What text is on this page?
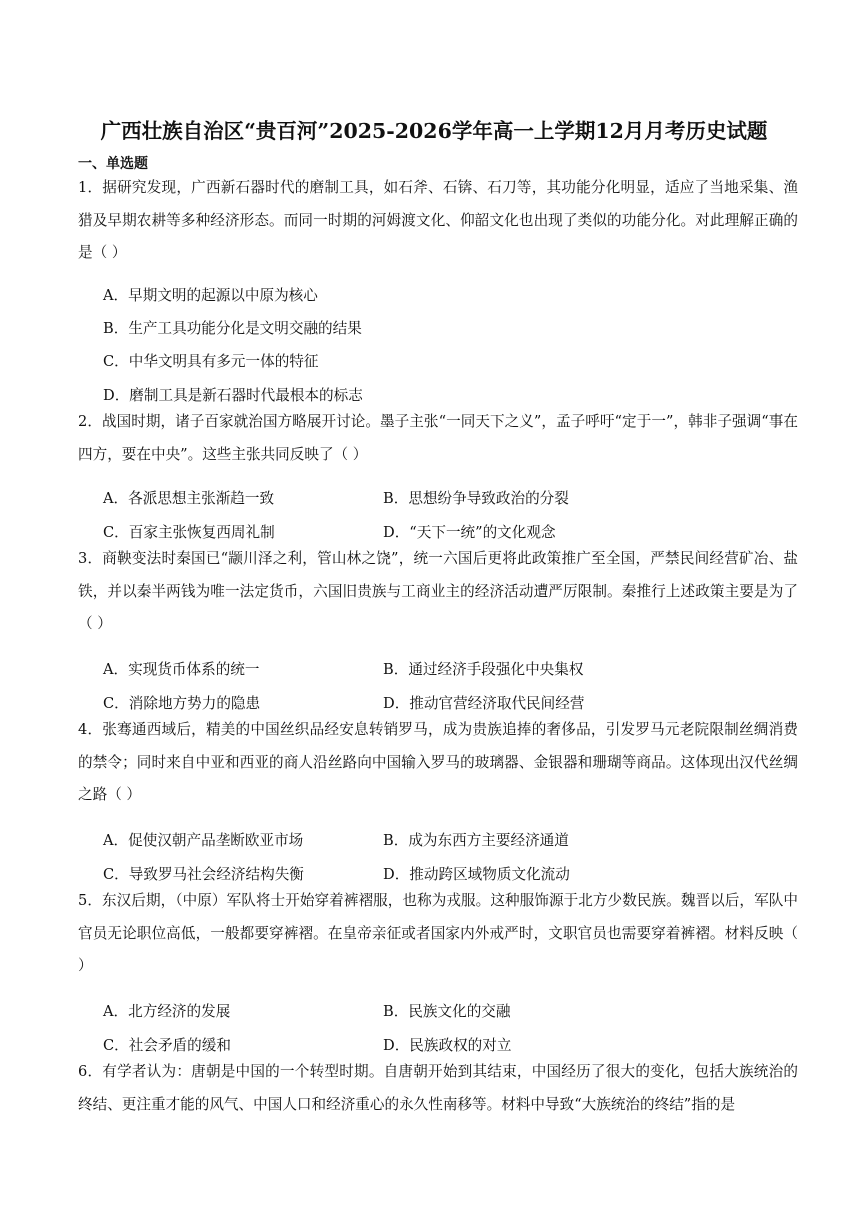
广西壮族自治区“贵百河”2025-2026学年高一上学期12月月考历史试题
一、单选题
1．据研究发现，广西新石器时代的磨制工具，如石斧、石锛、石刀等，其功能分化明显，适应了当地采集、渔猎及早期农耕等多种经济形态。而同一时期的河姆渡文化、仰韶文化也出现了类似的功能分化。对此理解正确的是（ ）
A．早期文明的起源以中原为核心
B．生产工具功能分化是文明交融的结果
C．中华文明具有多元一体的特征
D．磨制工具是新石器时代最根本的标志
2．战国时期，诸子百家就治国方略展开讨论。墨子主张“一同天下之义”，孟子呼吁“定于一”，韩非子强调“事在四方，要在中央”。这些主张共同反映了（ ）
A．各派思想主张渐趋一致	B．思想纷争导致政治的分裂
C．百家主张恢复西周礼制	D．“天下一统”的文化观念
3．商鞅变法时秦国已“颛川泽之利，管山林之饶”，统一六国后更将此政策推广至全国，严禁民间经营矿冶、盐铁，并以秦半两钱为唯一法定货币，六国旧贵族与工商业主的经济活动遭严厉限制。秦推行上述政策主要是为了（ ）
A．实现货币体系的统一	B．通过经济手段强化中央集权
C．消除地方势力的隐患	D．推动官营经济取代民间经营
4．张骞通西域后，精美的中国丝织品经安息转销罗马，成为贵族追捧的奢侈品，引发罗马元老院限制丝绸消费的禁令；同时来自中亚和西亚的商人沿丝路向中国输入罗马的玻璃器、金银器和珊瑚等商品。这体现出汉代丝绸之路（ ）
A．促使汉朝产品垄断欧亚市场	B．成为东西方主要经济通道
C．导致罗马社会经济结构失衡	D．推动跨区域物质文化流动
5．东汉后期，（中原）军队将士开始穿着裤褶服，也称为戎服。这种服饰源于北方少数民族。魏晋以后，军队中官员无论职位高低，一般都要穿裤褶。在皇帝亲征或者国家内外戒严时，文职官员也需要穿着裤褶。材料反映（ ）
A．北方经济的发展	B．民族文化的交融
C．社会矛盾的缓和	D．民族政权的对立
6．有学者认为：唐朝是中国的一个转型时期。自唐朝开始到其结束，中国经历了很大的变化，包括大族统治的终结、更注重才能的风气、中国人口和经济重心的永久性南移等。材料中导致“大族统治的终结”指的是
